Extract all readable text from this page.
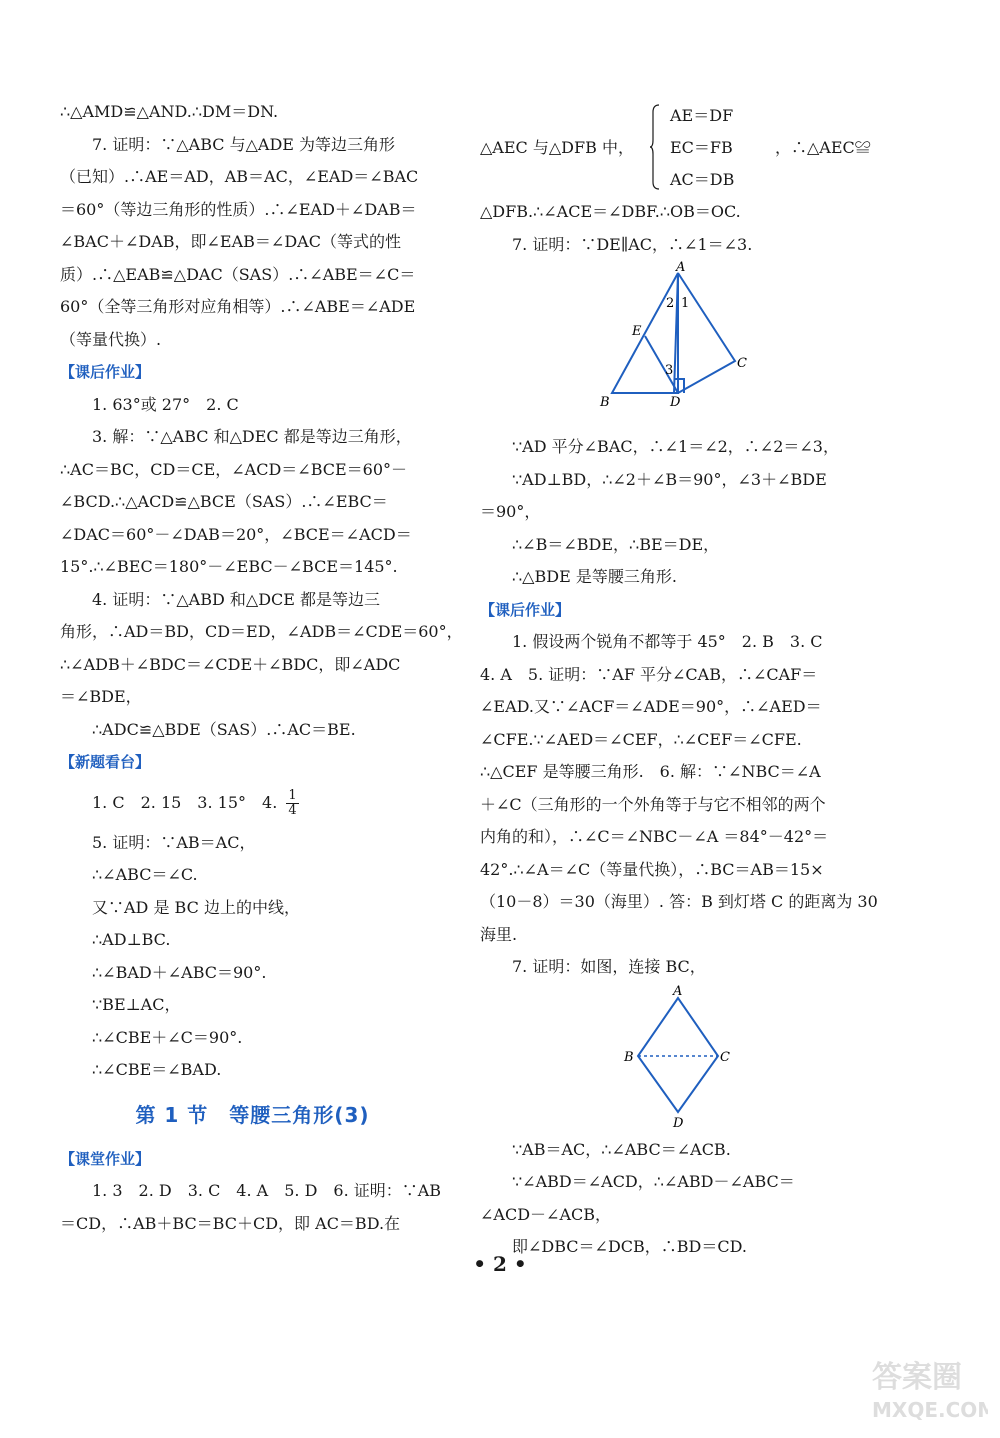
∴△AMD≌△AND.∴DM＝DN.
7. 证明：∵△ABC 与△ADE 为等边三角形
（已知）.∴AE＝AD，AB＝AC，∠EAD＝∠BAC
＝60°（等边三角形的性质）.∴∠EAD＋∠DAB＝
∠BAC＋∠DAB，即∠EAB＝∠DAC（等式的性
质）.∴△EAB≌△DAC（SAS）.∴∠ABE＝∠C＝
60°（全等三角形对应角相等）.∴∠ABE＝∠ADE
（等量代换）.
【课后作业】
1. 63°或 27°　2. C
3. 解：∵△ABC 和△DEC 都是等边三角形，
∴AC＝BC，CD＝CE，∠ACD＝∠BCE＝60°－
∠BCD.∴△ACD≌△BCE（SAS）.∴∠EBC＝
∠DAC＝60°－∠DAB＝20°，∠BCE＝∠ACD＝
15°.∴∠BEC＝180°－∠EBC－∠BCE＝145°.
4. 证明：∵△ABD 和△DCE 都是等边三
角形，∴AD＝BD，CD＝ED，∠ADB＝∠CDE＝60°，
∴∠ADB＋∠BDC＝∠CDE＋∠BDC，即∠ADC
＝∠BDE，
∴ADC≌△BDE（SAS）.∴AC＝BE.
【新题看台】
1. C　2. 15　3. 15°　4. $\frac{1}{4}$
5. 证明：∵AB＝AC，
∴∠ABC＝∠C.
又∵AD 是 BC 边上的中线，
∴AD⊥BC.
∴∠BAD＋∠ABC＝90°.
∵BE⊥AC，
∴∠CBE＋∠C＝90°.
∴∠CBE＝∠BAD.
第 1 节　等腰三角形(3)
【课堂作业】
1. 3　2. D　3. C　4. A　5. D　6. 证明：∵AB
＝CD，∴AB＋BC＝BC＋CD，即 AC＝BD.在
△AEC 与△DFB 中，
AE＝DF
EC＝FB
AC＝DB
，∴△AEC≌
△DFB.∴∠ACE＝∠DBF.∴OB＝OC.
7. 证明：∵DE∥AC，∴∠1＝∠3.
A
B
C
D
E
1
2
3
∵AD 平分∠BAC，∴∠1＝∠2，∴∠2＝∠3，
∵AD⊥BD，∴∠2＋∠B＝90°，∠3＋∠BDE
＝90°，
∴∠B＝∠BDE，∴BE＝DE，
∴△BDE 是等腰三角形.
【课后作业】
1. 假设两个锐角不都等于 45°　2. B　3. C
4. A　5. 证明：∵AF 平分∠CAB，∴∠CAF＝
∠EAD.又∵∠ACF＝∠ADE＝90°，∴∠AED＝
∠CFE.∵∠AED＝∠CEF，∴∠CEF＝∠CFE.
∴△CEF 是等腰三角形.　6. 解：∵∠NBC＝∠A
＋∠C（三角形的一个外角等于与它不相邻的两个
内角的和），∴∠C＝∠NBC－∠A ＝84°－42°＝
42°.∴∠A＝∠C（等量代换），∴BC＝AB＝15×
（10－8）＝30（海里）. 答：B 到灯塔 C 的距离为 30
海里.
7. 证明：如图，连接 BC，
A
B	C
D
∵AB＝AC，∴∠ABC＝∠ACB.
∵∠ABD＝∠ACD，∴∠ABD－∠ABC＝
∠ACD－∠ACB，
即∠DBC＝∠DCB，∴BD＝CD.
• 2 •
答案圈
MXQE.COM
